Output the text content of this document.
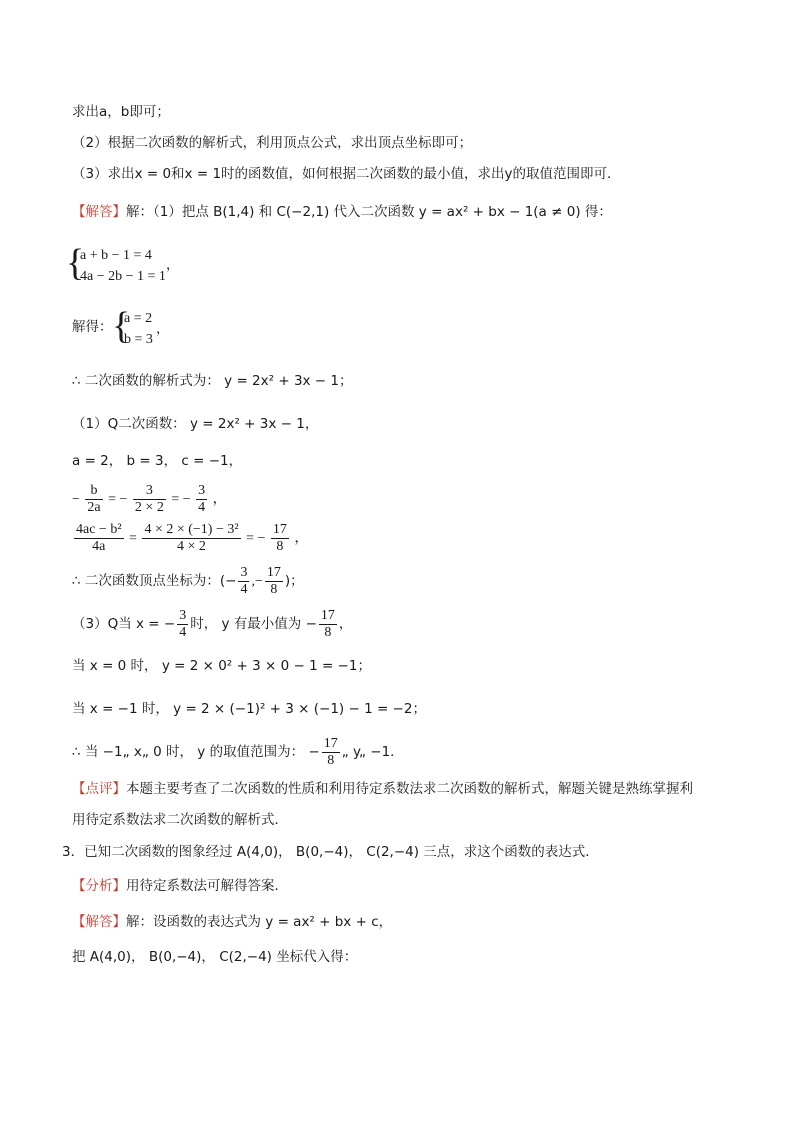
求出a，b即可；
（2）根据二次函数的解析式，利用顶点公式，求出顶点坐标即可；
（3）求出x = 0和x = 1时的函数值，如何根据二次函数的最小值，求出y的取值范围即可．
【解答】解：（1）把点 B(1,4) 和 C(−2,1) 代入二次函数 y = ax² + bx − 1(a ≠ 0) 得：
{
a + b − 1 = 4
4a − 2b − 1 = 1
，
解得： {
a = 2
b = 3
，
∴ 二次函数的解析式为： y = 2x² + 3x − 1；
（1）Q二次函数： y = 2x² + 3x − 1，
a = 2， b = 3， c = −1，
− $\frac{b}{2a}$ = − $\frac{3}{2 \times 2}$ = − $\frac{3}{4}$ ，
$\frac{\text{4ac − b²}}{4a} = \frac{\text{4 × 2 × (−1) − 3²}}{4 \times 2}$ = − $\frac{17}{8}$ ，
∴ 二次函数顶点坐标为：(− $\frac{3}{4}$ ,− $\frac{17}{8}$ )；
（3）Q当 x = − $\frac{3}{4}$ 时， y 有最小值为 − $\frac{17}{8}$ ，
当 x = 0 时， y = 2 × 0² + 3 × 0 − 1 = −1；
当 x = −1 时， y = 2 × (−1)² + 3 × (−1) − 1 = −2；
∴ 当 −1„ x„ 0 时， y 的取值范围为： − $\frac{17}{8}$ „ y„ −1．
【点评】本题主要考查了二次函数的性质和利用待定系数法求二次函数的解析式，解题关键是熟练掌握利
用待定系数法求二次函数的解析式．
3．已知二次函数的图象经过 A(4,0)， B(0,−4)， C(2,−4) 三点，求这个函数的表达式．
【分析】用待定系数法可解得答案．
【解答】解：设函数的表达式为 y = ax² + bx + c，
把 A(4,0)， B(0,−4)， C(2,−4) 坐标代入得：
